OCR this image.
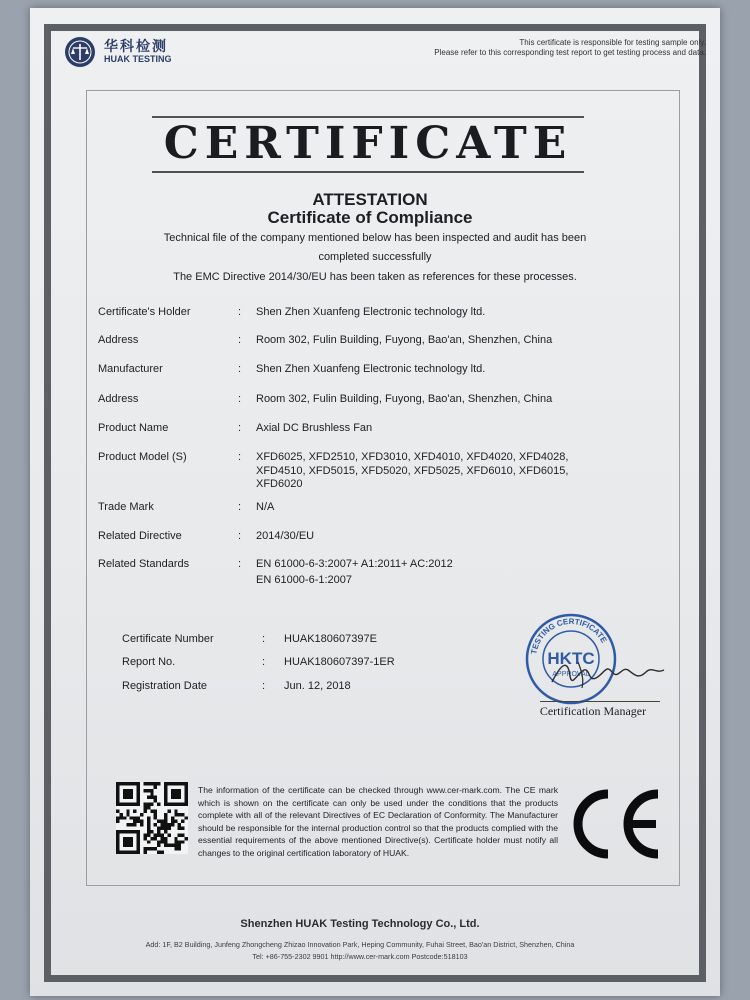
华科检测
HUAK TESTING
This certificate is responsible for testing sample only.
Please refer to this corresponding test report to get testing process and data.
CERTIFICATE
ATTESTATION
Certificate of Compliance
Technical file of the company mentioned below has been inspected and audit has been
completed successfully
The EMC Directive 2014/30/EU has been taken as references for these processes.
Certificate's Holder	: Shen Zhen Xuanfeng Electronic technology ltd.
Address	: Room 302, Fulin Building, Fuyong, Bao'an, Shenzhen, China
Manufacturer	: Shen Zhen Xuanfeng Electronic technology ltd.
Address	: Room 302, Fulin Building, Fuyong, Bao'an, Shenzhen, China
Product Name	: Axial DC Brushless Fan
Product Model (S)	: XFD6025, XFD2510, XFD3010, XFD4010, XFD4020, XFD4028,
XFD4510, XFD5015, XFD5020, XFD5025, XFD6010, XFD6015,
XFD6020
Trade Mark	: N/A
Related Directive	: 2014/30/EU
Related Standards	: EN 61000-6-3:2007+ A1:2011+ AC:2012
EN 61000-6-1:2007
Certificate Number	: HUAK180607397E
Report No.	: HUAK180607397-1ER
Registration Date	: Jun. 12, 2018
TESTING CERTIFICATE
HKTC
APPROVAL
Certification Manager
The information of the certificate can be checked through www.cer-mark.com. The CE mark which is shown on the certificate can only be used under the conditions that the products complete with all of the relevant Directives of EC Declaration of Conformity. The Manufacturer should be responsible for the internal production control so that the products complied with the essential requirements of the above mentioned Directive(s). Certificate holder must notify all changes to the original certification laboratory of HUAK.
Shenzhen HUAK Testing Technology Co., Ltd.
Add: 1F, B2 Building, Junfeng Zhongcheng Zhizao Innovation Park, Heping Community, Fuhai Street, Bao'an District, Shenzhen, China
Tel: +86-755-2302 9901 http://www.cer-mark.com Postcode:518103
